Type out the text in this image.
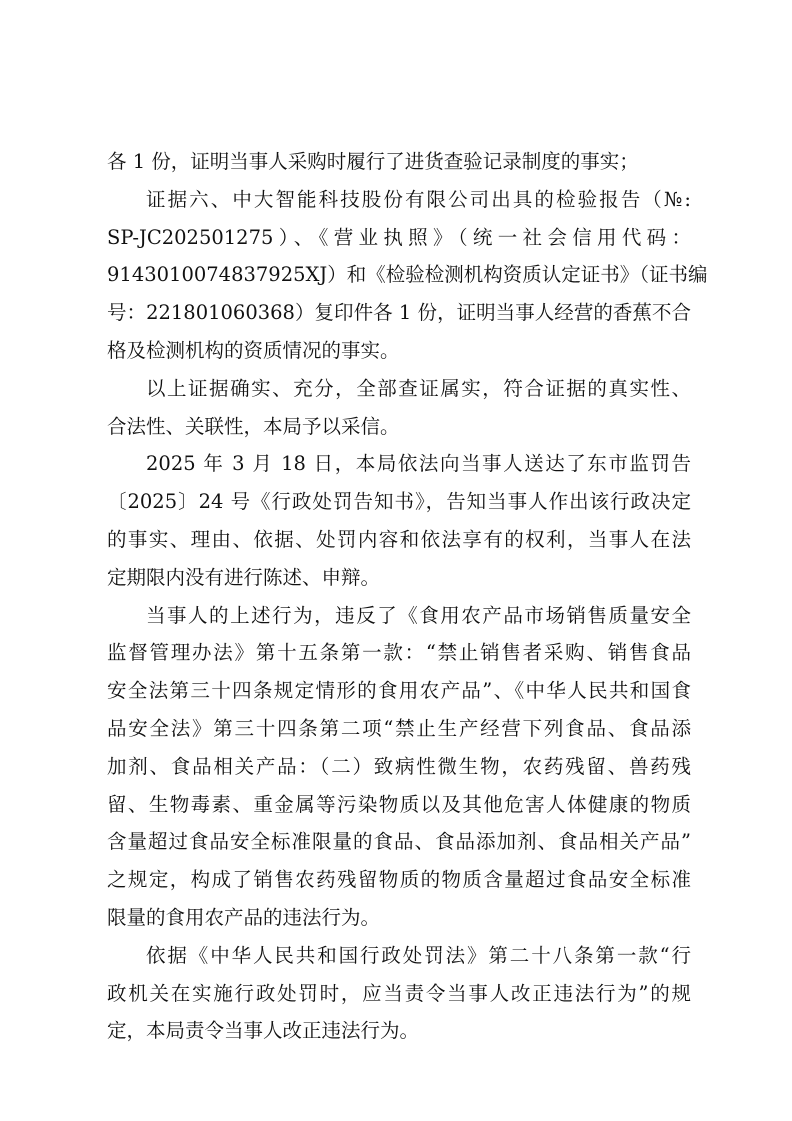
各 1 份，证明当事人采购时履行了进货查验记录制度的事实；
证据六、中大智能科技股份有限公司出具的检验报告（№:
SP-JC202501275）、《营业执照》（统一社会信用代码：
9143010074837925XJ）和《检验检测机构资质认定证书》（证书编
号：221801060368）复印件各 1 份，证明当事人经营的香蕉不合
格及检测机构的资质情况的事实。
以上证据确实、充分，全部查证属实，符合证据的真实性、
合法性、关联性，本局予以采信。
2025 年 3 月 18 日，本局依法向当事人送达了东市监罚告
〔2025〕24 号《行政处罚告知书》，告知当事人作出该行政决定
的事实、理由、依据、处罚内容和依法享有的权利，当事人在法
定期限内没有进行陈述、申辩。
当事人的上述行为，违反了《食用农产品市场销售质量安全
监督管理办法》第十五条第一款：“禁止销售者采购、销售食品
安全法第三十四条规定情形的食用农产品”、《中华人民共和国食
品安全法》第三十四条第二项“禁止生产经营下列食品、食品添
加剂、食品相关产品：（二）致病性微生物，农药残留、兽药残
留、生物毒素、重金属等污染物质以及其他危害人体健康的物质
含量超过食品安全标准限量的食品、食品添加剂、食品相关产品”
之规定，构成了销售农药残留物质的物质含量超过食品安全标准
限量的食用农产品的违法行为。
依据《中华人民共和国行政处罚法》第二十八条第一款“行
政机关在实施行政处罚时，应当责令当事人改正违法行为”的规
定，本局责令当事人改正违法行为。
